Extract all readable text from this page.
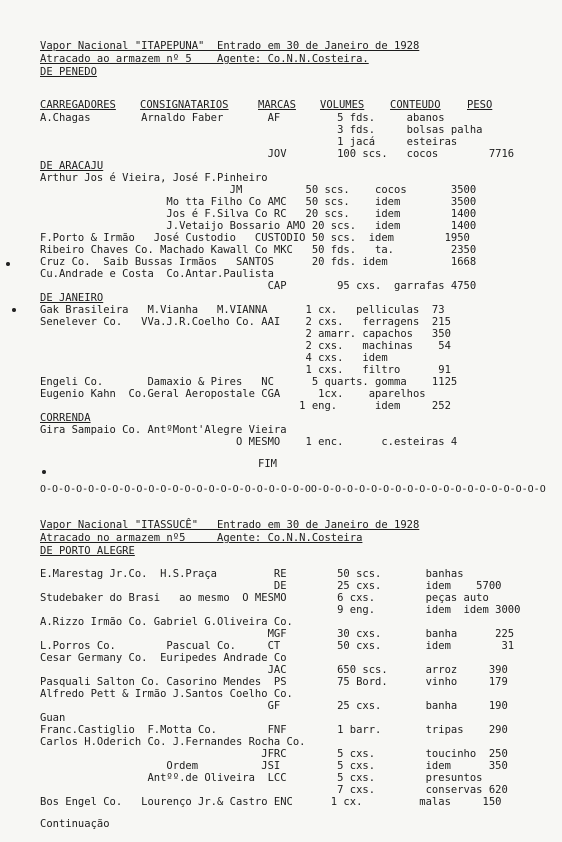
Vapor Nacional "ITAPEPUNA"  Entrado em 30 de Janeiro de 1928
Atracado ao armazem nº 5    Agente: Co.N.N.Costeira.
DE PENEDO
CARREGADORES CONSIGNATARIOS	MARCAS VOLUMES CONTEUDO	PESO
A.Chagas        Arnaldo Faber       AF         5 fds.     abanos
3 fds.     bolsas palha
1 jacá     esteiras
JOV        100 scs.   cocos        7716
DE ARACAJU
Arthur Jos é Vieira, José F.Pinheiro
JM          50 scs.    cocos       3500
Mo tta Filho Co AMC   50 scs.    idem        3500
Jos é F.Silva Co RC   20 scs.    idem        1400
J.Vetaijo Bossario AMO 20 scs.   idem        1400
F.Porto & Irmão   José Custodio   CUSTODIO 50 scs.  idem        1950
Ribeiro Chaves Co. Machado Kawall Co MKC   50 fds.   ta.         2350
Cruz Co.  Saib Bussas Irmãos   SANTOS      20 fds. idem          1668
Cu.Andrade e Costa  Co.Antar.Paulista
CAP        95 cxs.  garrafas 4750
DE JANEIRO
Gak Brasileira   M.Vianha   M.VIANNA      1 cx.   pelliculas  73
Senelever Co.   VVa.J.R.Coelho Co. AAI    2 cxs.   ferragens  215
2 amarr. capachos   350
2 cxs.   machinas    54
4 cxs.   idem
1 cxs.   filtro      91
Engeli Co.       Damaxio & Pires   NC      5 quarts. gomma    1125
Eugenio Kahn  Co.Geral Aeropostale CGA      1cx.    aparelhos
1 eng.      idem     252
CORRENDA
Gira Sampaio Co. AntºMont'Alegre Vieira
O MESMO    1 enc.      c.esteiras 4
FIM
O-O-O-O-O-O-O-O-O-O-O-O-O-O-O-O-O-O-O-O-O-O-OO-O-O-O-O-O-O-O-O-O-O-O-O-O-O-O-O-O-O-O
Vapor Nacional "ITASSUCÊ"   Entrado em 30 de Janeiro de 1928
Atracado no armazem nº5     Agente: Co.N.N.Costeira
DE PORTO ALEGRE
E.Marestag Jr.Co.  H.S.Praça         RE        50 scs.       banhas
DE        25 cxs.       idem    5700
Studebaker do Brasi   ao mesmo  O MESMO        6 cxs.        peças auto
9 eng.        idem  idem 3000
A.Rizzo Irmão Co. Gabriel G.Oliveira Co.
MGF        30 cxs.       banha      225
L.Porros Co.        Pascual Co.     CT         50 cxs.       idem        31
Cesar Germany Co.  Euripedes Andrade Co
JAC        650 scs.      arroz     390
Pasquali Salton Co. Casorino Mendes  PS        75 Bord.      vinho     179
Alfredo Pett & Irmão J.Santos Coelho Co.
GF         25 cxs.       banha     190
Guan
Franc.Castiglio  F.Motta Co.        FNF        1 barr.       tripas    290
Carlos H.Oderich Co. J.Fernandes Rocha Co.
JFRC        5 cxs.        toucinho  250
Ordem          JSI         5 cxs.        idem      350
Antºº.de Oliveira  LCC        5 cxs.        presuntos
7 cxs.        conservas 620
Bos Engel Co.   Lourenço Jr.& Castro ENC      1 cx.         malas     150
Continuação
